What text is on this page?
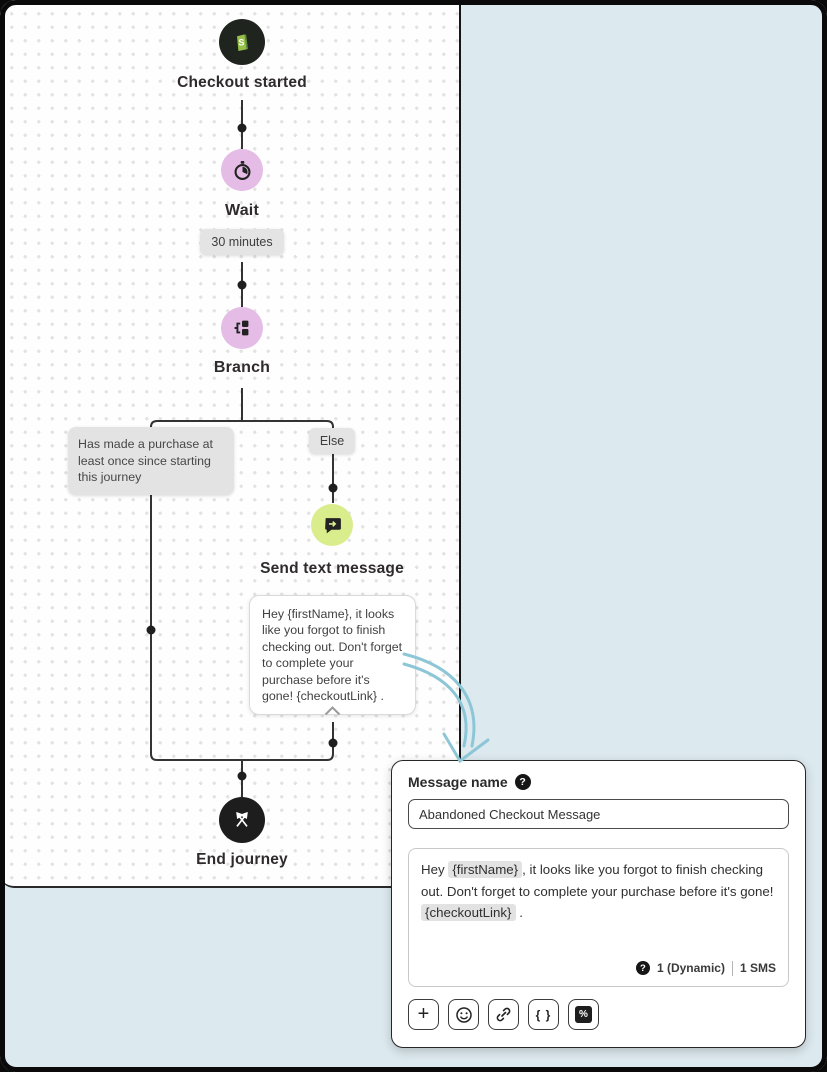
S
Checkout started
Wait
30 minutes
Branch
Has made a purchase at least once since starting this journey
Else
Send text message
Hey {firstName}, it looks like you forgot to finish checking out. Don't forget to complete your purchase before it's gone! {checkoutLink} .
End journey
Message name	?
Abandoned Checkout Message
Hey {firstName} , it looks like you forgot to finish checking out. Don't forget to complete your purchase before it's gone! {checkoutLink} .
? 1 (Dynamic) 1 SMS
+	{ }	%
